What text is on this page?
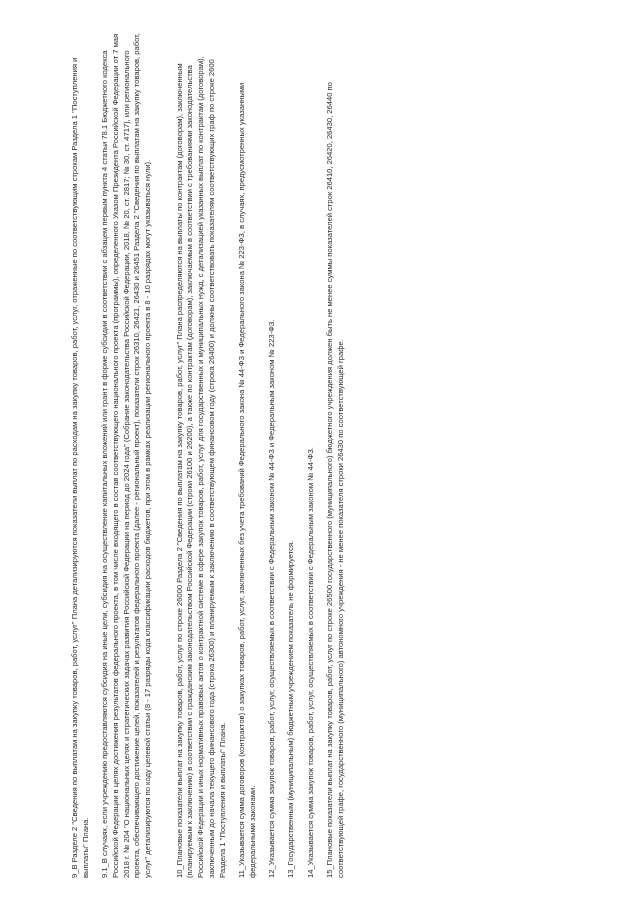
9_В Разделе 2 "Сведения по выплатам на закупку товаров, работ, услуг" Плана детализируются показатели выплат по расходам на закупку товаров, работ, услуг, отраженные по соответствующим строкам Раздела 1 "Поступления и выплаты" Плана. 9.1_В случаях, если учреждению предоставляются субсидия на иные цели, субсидия на осуществление капитальных вложений или грант в форме субсидии в соответствии с абзацем первым пункта 4 статьи 78.1 Бюджетного кодекса Российской Федерации в целях достижения результатов федерального проекта, в том числе входящего в состав соответствующего национального проекта (программы), определенного Указом Президента Российской Федерации от 7 мая 2018 г. № 204 "О национальных целях и стратегических задачах развития Российской Федерации на период до 2024 года" (Собрание законодательства Российской Федерации, 2018, № 20, ст. 2817; № 30, ст. 4717), или регионального проекта, обеспечивающего достижение целей, показателей и результатов федерального проекта (далее - региональный проект), показатели строк 26310, 26421, 26430 и 26451 Раздела 2 "Сведения по выплатам на закупку товаров, работ, услуг" детализируются по коду целевой статьи (8 - 17 разряды кода классификации расходов бюджетов, при этом в рамках реализации регионального проекта в 8 - 10 разрядах могут указываться нули).	10_Плановые показатели выплат на закупку товаров, работ, услуг по строке 26000 Раздела 2 "Сведения по выплатам на закупку товаров, работ, услуг" Плана распределяются на выплаты по контрактам (договорам), заключенным (планируемым к заключению) в соответствии с гражданским законодательством Российской Федерации (строки 26100 и 26200), а также по контрактам (договорам), заключаемым в соответствии с требованиями законодательства Российской Федерации и иных нормативных правовых актов о контрактной системе в сфере закупок товаров, работ, услуг для государственных и муниципальных нужд, с детализацией указанных выплат по контрактам (договорам), заключенным до начала текущего финансового года (строка 26300) и планируемым к заключению в соответствующем финансовом году (строка 26400) и должны соответствовать показателям соответствующих граф по строке 2600 Раздела 1 "Поступления и выплаты" Плана. 11_Указывается сумма договоров (контрактов) о закупках товаров, работ, услуг, заключенных без учета требований Федерального закона № 44-ФЗ и Федерального закона № 223-ФЗ, в случаях, предусмотренных указанными федеральными законами. 12_Указывается сумма закупок товаров, работ, услуг, осуществляемых в соответствии с Федеральным законом № 44-ФЗ и Федеральным законом № 223-ФЗ. 13_Государственным (муниципальным) бюджетным учреждением показатель не формируется. 14_Указывается сумма закупок товаров, работ, услуг, осуществляемых в соответствии с Федеральным законом № 44-ФЗ. 15_Плановые показатели выплат на закупку товаров, работ, услуг по строке 26500 государственного (муниципального) бюджетного учреждения должен быть не менее суммы показателей строк 26410, 26420, 26430, 26440 по соответствующей графе, государственного (муниципального) автономного учреждения - не менее показателя строки 26430 по соответствующей графе.
